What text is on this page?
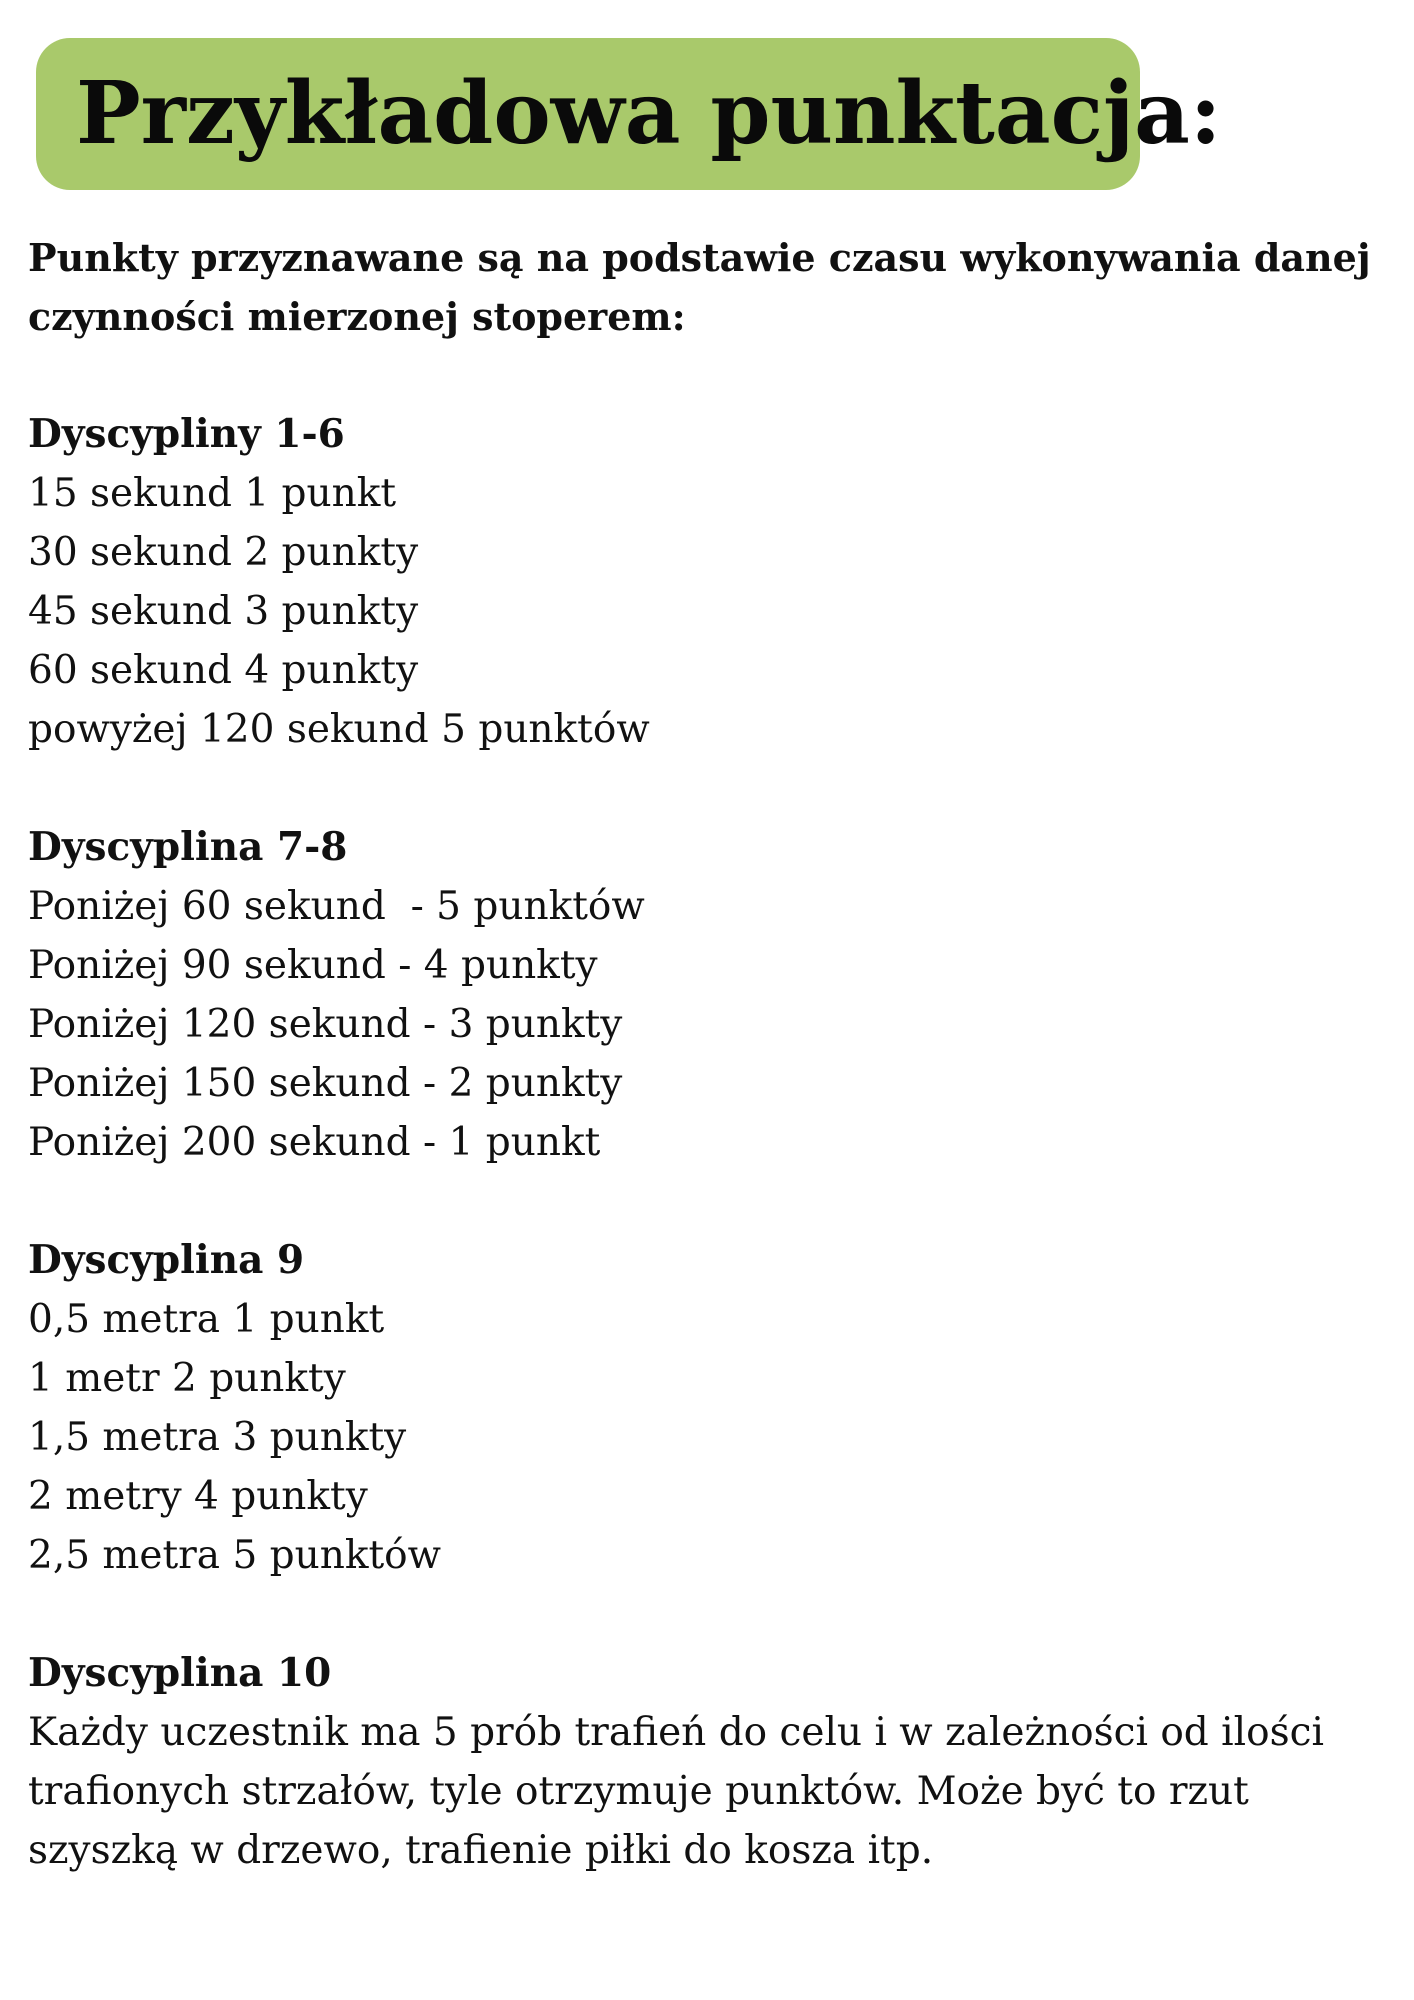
Przykładowa punktacja:

Punkty przyznawane są na podstawie czasu wykonywania danej czynności mierzonej stoperem:

Dyscypliny 1-6

15 sekund 1 punkt

30 sekund 2 punkty

45 sekund 3 punkty

60 sekund 4 punkty

powyżej 120 sekund 5 punktów

Dyscyplina 7-8

Poniżej 60 sekund  - 5 punktów

Poniżej 90 sekund - 4 punkty

Poniżej 120 sekund - 3 punkty

Poniżej 150 sekund - 2 punkty

Poniżej 200 sekund - 1 punkt

Dyscyplina 9

0,5 metra 1 punkt

1 metr 2 punkty

1,5 metra 3 punkty

2 metry 4 punkty

2,5 metra 5 punktów

Dyscyplina 10

Każdy uczestnik ma 5 prób trafień do celu i w zależności od ilości trafionych strzałów, tyle otrzymuje punktów. Może być to rzut szyszką w drzewo, trafienie piłki do kosza itp.
